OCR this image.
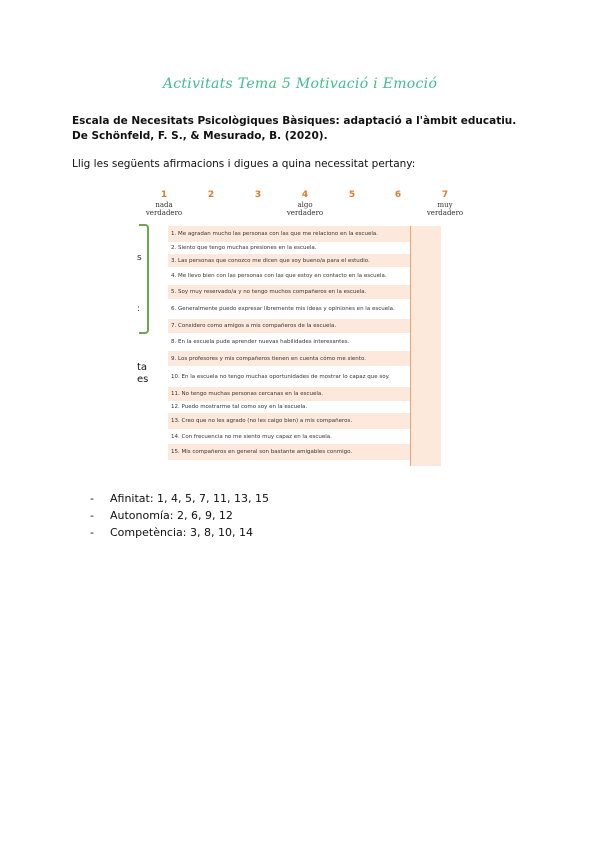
Activitats Tema 5 Motivació i Emoció
Escala de Necesitats Psicològiques Bàsiques: adaptació a l'àmbit educatiu. De Schönfeld, F. S., & Mesurado, B. (2020).
Llig les següents afirmacions i digues a quina necessitat pertany:
1	2	3	4	5	6	7
nada
verdadero
algo
verdadero
muy
verdadero
s
:
ta
es
1. Me agradan mucho las personas con las que me relaciono en la escuela.
2. Siento que tengo muchas presiones en la escuela.
3. Las personas que conozco me dicen que soy bueno/a para el estudio.
4. Me llevo bien con las personas con las que estoy en contacto en la escuela.
5. Soy muy reservado/a y no tengo muchos compañeros en la escuela.
6. Generalmente puedo expresar libremente mis ideas y opiniones en la escuela.
7. Considero como amigos a mis compañeros de la escuela.
8. En la escuela pude aprender nuevas habilidades interesantes.
9. Los profesores y mis compañeros tienen en cuenta cómo me siento.
10. En la escuela no tengo muchas oportunidades de mostrar lo capaz que soy.
11. No tengo muchas personas cercanas en la escuela.
12. Puedo mostrarme tal como soy en la escuela.
13. Creo que no les agrado (no les caigo bien) a mis compañeros.
14. Con frecuencia no me siento muy capaz en la escuela.
15. Mis compañeros en general son bastante amigables conmigo.
-	Afinitat: 1, 4, 5, 7, 11, 13, 15
-	Autonomía: 2, 6, 9, 12
-	Competència: 3, 8, 10, 14
